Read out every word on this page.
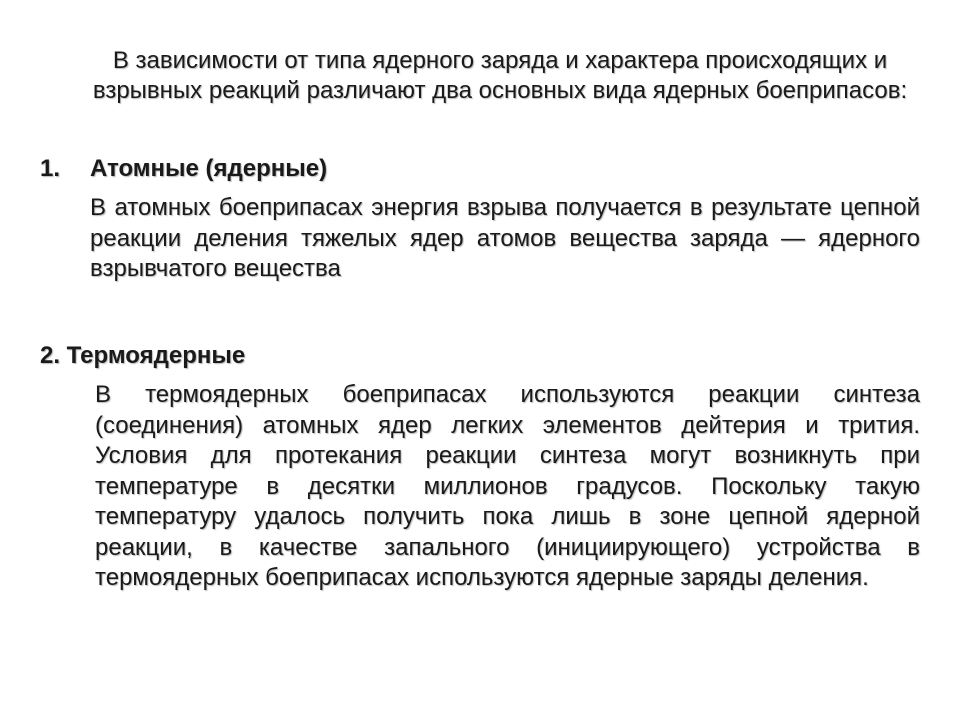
В зависимости от типа ядерного заряда и характера происходящих и взрывных реакций различают два основных вида ядерных боеприпасов:

1. Атомные (ядерные)

В атомных боеприпасах энергия взрыва получается в результате цепной реакции деления тяжелых ядер атомов вещества заряда — ядерного взрывчатого вещества

2. Термоядерные

В термоядерных боеприпасах используются реакции синтеза (соединения) атомных ядер легких элементов дейтерия и трития. Условия для протекания реакции синтеза могут возникнуть при температуре в десятки миллионов градусов. Поскольку такую температуру удалось получить пока лишь в зоне цепной ядерной реакции, в качестве запального (инициирующего) устройства в термоядерных боеприпасах используются ядерные заряды деления.
